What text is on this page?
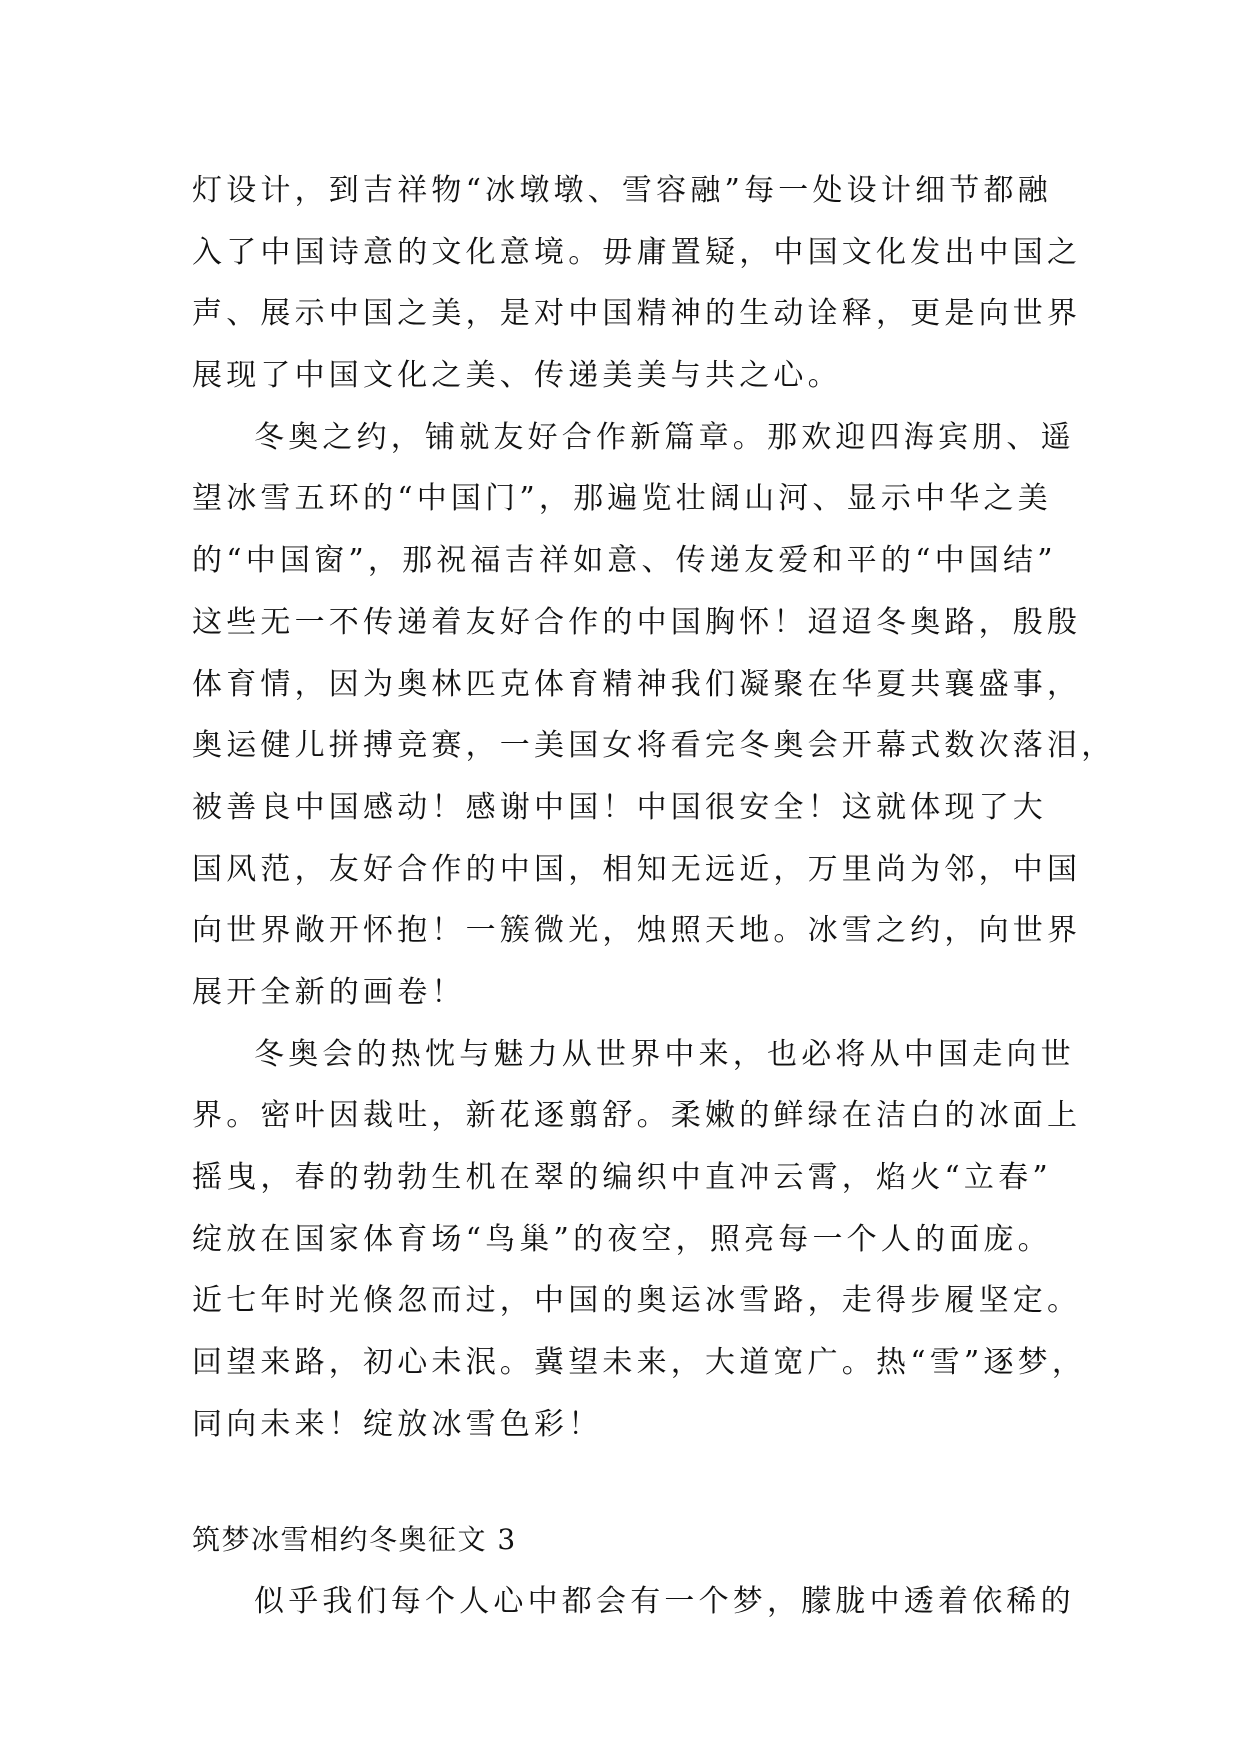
灯设计，到吉祥物“冰墩墩、雪容融”每一处设计细节都融
入了中国诗意的文化意境。毋庸置疑，中国文化发出中国之
声、展示中国之美，是对中国精神的生动诠释，更是向世界
展现了中国文化之美、传递美美与共之心。
冬奥之约，铺就友好合作新篇章。那欢迎四海宾朋、遥
望冰雪五环的“中国门”，那遍览壮阔山河、显示中华之美
的“中国窗”，那祝福吉祥如意、传递友爱和平的“中国结”
这些无一不传递着友好合作的中国胸怀！迢迢冬奥路，殷殷
体育情，因为奥林匹克体育精神我们凝聚在华夏共襄盛事，
奥运健儿拼搏竞赛，一美国女将看完冬奥会开幕式数次落泪，
被善良中国感动！感谢中国！中国很安全！这就体现了大
国风范，友好合作的中国，相知无远近，万里尚为邻，中国
向世界敞开怀抱！一簇微光，烛照天地。冰雪之约，向世界
展开全新的画卷！
冬奥会的热忱与魅力从世界中来，也必将从中国走向世
界。密叶因裁吐，新花逐翦舒。柔嫩的鲜绿在洁白的冰面上
摇曳，春的勃勃生机在翠的编织中直冲云霄，焰火“立春”
绽放在国家体育场“鸟巢”的夜空，照亮每一个人的面庞。
近七年时光倏忽而过，中国的奥运冰雪路，走得步履坚定。
回望来路，初心未泯。冀望未来，大道宽广。热“雪”逐梦，
同向未来！绽放冰雪色彩！
筑梦冰雪相约冬奥征文 3
似乎我们每个人心中都会有一个梦，朦胧中透着依稀的
